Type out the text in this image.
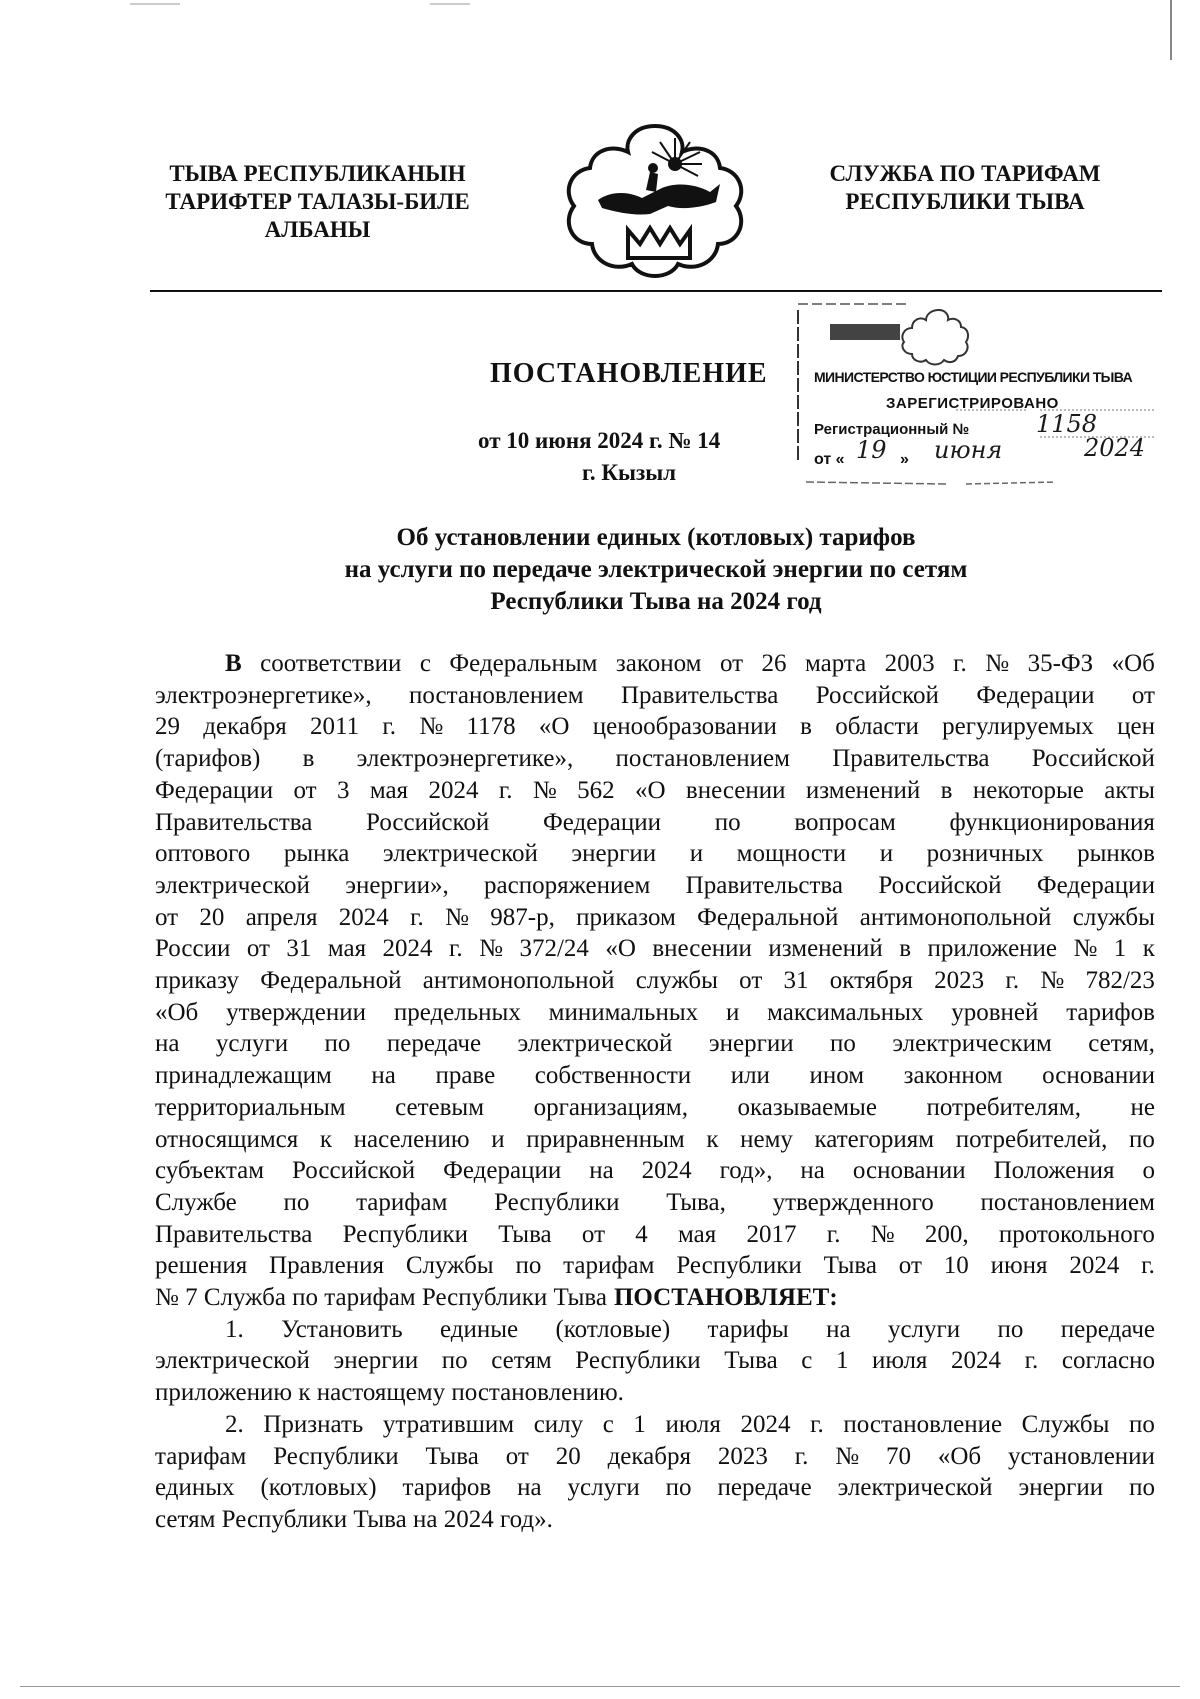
ТЫВА РЕСПУБЛИКАНЫН
ТАРИФТЕР ТАЛАЗЫ-БИЛЕ
АЛБАНЫ
СЛУЖБА ПО ТАРИФАМ
РЕСПУБЛИКИ ТЫВА
ПОСТАНОВЛЕНИЕ
от 10 июня 2024 г. № 14
г. Кызыл
МИНИСТЕРСТВО ЮСТИЦИИ РЕСПУБЛИКИ ТЫВА
ЗАРЕГИСТРИРОВАНО
Регистрационный №	1158
от « 19 » июня	2024
Об установлении единых (котловых) тарифов
на услуги по передаче электрической энергии по сетям
Республики Тыва на 2024 год
В соответствии с Федеральным законом от 26 марта 2003 г. № 35-ФЗ «Об
электроэнергетике», постановлением Правительства Российской Федерации от
29 декабря 2011 г. № 1178 «О ценообразовании в области регулируемых цен
(тарифов) в электроэнергетике», постановлением Правительства Российской
Федерации от 3 мая 2024 г. № 562 «О внесении изменений в некоторые акты
Правительства Российской Федерации по вопросам функционирования
оптового рынка электрической энергии и мощности и розничных рынков
электрической энергии», распоряжением Правительства Российской Федерации
от 20 апреля 2024 г. № 987-р, приказом Федеральной антимонопольной службы
России от 31 мая 2024 г. № 372/24 «О внесении изменений в приложение № 1 к
приказу Федеральной антимонопольной службы от 31 октября 2023 г. № 782/23
«Об утверждении предельных минимальных и максимальных уровней тарифов
на услуги по передаче электрической энергии по электрическим сетям,
принадлежащим на праве собственности или ином законном основании
территориальным сетевым организациям, оказываемые потребителям, не
относящимся к населению и приравненным к нему категориям потребителей, по
субъектам Российской Федерации на 2024 год», на основании Положения о
Службе по тарифам Республики Тыва, утвержденного постановлением
Правительства Республики Тыва от 4 мая 2017 г. № 200, протокольного
решения Правления Службы по тарифам Республики Тыва от 10 июня 2024 г.
№ 7 Служба по тарифам Республики Тыва ПОСТАНОВЛЯЕТ:
1. Установить единые (котловые) тарифы на услуги по передаче
электрической энергии по сетям Республики Тыва с 1 июля 2024 г. согласно
приложению к настоящему постановлению.
2. Признать утратившим силу с 1 июля 2024 г. постановление Службы по
тарифам Республики Тыва от 20 декабря 2023 г. № 70 «Об установлении
единых (котловых) тарифов на услуги по передаче электрической энергии по
сетям Республики Тыва на 2024 год».
